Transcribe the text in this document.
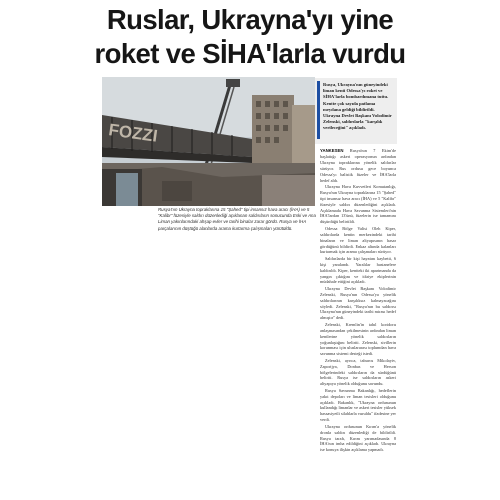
Ruslar, Ukrayna'yı yine
roket ve SİHA'larla vurdu
FOZZI
Rusya'nın Ukrayna topraklarına 15 "Şahed" tipi insansız hava aracı (İHA) ve 5 "Kalibr" füzesiyle saldırı düzenlediği açıklanan saldırıların sonucunda Eski ve Ana Liman yakınlarındaki ahşap evler ve tarihi binalar zarar gördü. Rusya ve İHA parçalarının düştüğü alanlarda arama kurtarma çalışmaları yürütüldü.
Rusya, Ukrayna'nın güneyindeki liman kenti Odessa'yı roket ve SİHA'larla bombardımana tuttu. Kentte çok sayıda patlama meydana geldiği bildirildi. Ukrayna Devlet Başkanı Volodimir Zelenski, saldırılarla "karşılık verileceğini" açıkladı.

YANKESEN Rusya'nın 7 Ekim'de başlattığı askeri operasyonun ardından Ukrayna topraklarına yönelik saldırılar sürüyor. Rus ordusu gece boyunca Odessa'yı balistik füzeler ve İHA'larla hedef aldı.

Ukrayna Hava Kuvvetleri Komutanlığı, Rusya'nın Ukrayna topraklarına 15 "Şahed" tipi insansız hava aracı (İHA) ve 5 "Kalibr" füzesiyle saldırı düzenlediğini açıkladı. Açıklamada Hava Savunma Sistemleri'nin İHA'lardan 13'ünü, füzelerin ise tamamını düşürdüğü belirtildi.

Odessa Bölge Valisi Oleh Kiper, saldırılarda kentin merkezindeki tarihi binaların ve liman altyapısının hasar gördüğünü bildirdi. Enkaz altında kalanları kurtarmak için arama çalışmaları sürüyor.

Saldırılarda bir kişi hayatını kaybetti, 6 kişi yaralandı. Yaralılar hastanelere kaldırıldı. Kiper, kentteki iki apartmanda da yangın çıktığını ve itfaiye ekiplerinin müdahale ettiğini açıkladı.

Ukrayna Devlet Başkanı Volodimir Zelenski, Rusya'nın Odessa'ya yönelik saldırılarının karşılıksız kalmayacağını söyledi. Zelenski, "Rusya'nın bu saldırısı Ukrayna'nın güneyindeki tarihi mirası hedef almıştır" dedi.

Zelenski, Kremlin'in tahıl koridoru anlaşmasından çekilmesinin ardından liman kentlerine yönelik saldırıların yoğunlaştığını belirtti. Zelenski, sivillerin korunması için uluslararası toplumdan hava savunma sistemi desteği istedi.

Zelenski, ayrıca, taburcu Mikolayiv, Zaporijya, Donbas ve Herson bölgelerindeki saldırıların da sürdüğünü belirtti. Rusya ise saldırıların askeri altyapıya yönelik olduğunu savundu.

Rusya Savunma Bakanlığı, hedeflerin yakıt depoları ve liman tesisleri olduğunu açıkladı. Bakanlık, "Ukrayna ordusunun kullandığı limanlar ve askeri tesisler yüksek hassasiyetli silahlarla vuruldu" ifadesine yer verdi.

Ukrayna ordusunun Kırım'a yönelik dronla saldırı düzenlediği de bildirildi. Rusya tarafı, Kırım yarımadasında 8 İHA'nın imha edildiğini açıkladı. Ukrayna ise konuya ilişkin açıklama yapmadı.
